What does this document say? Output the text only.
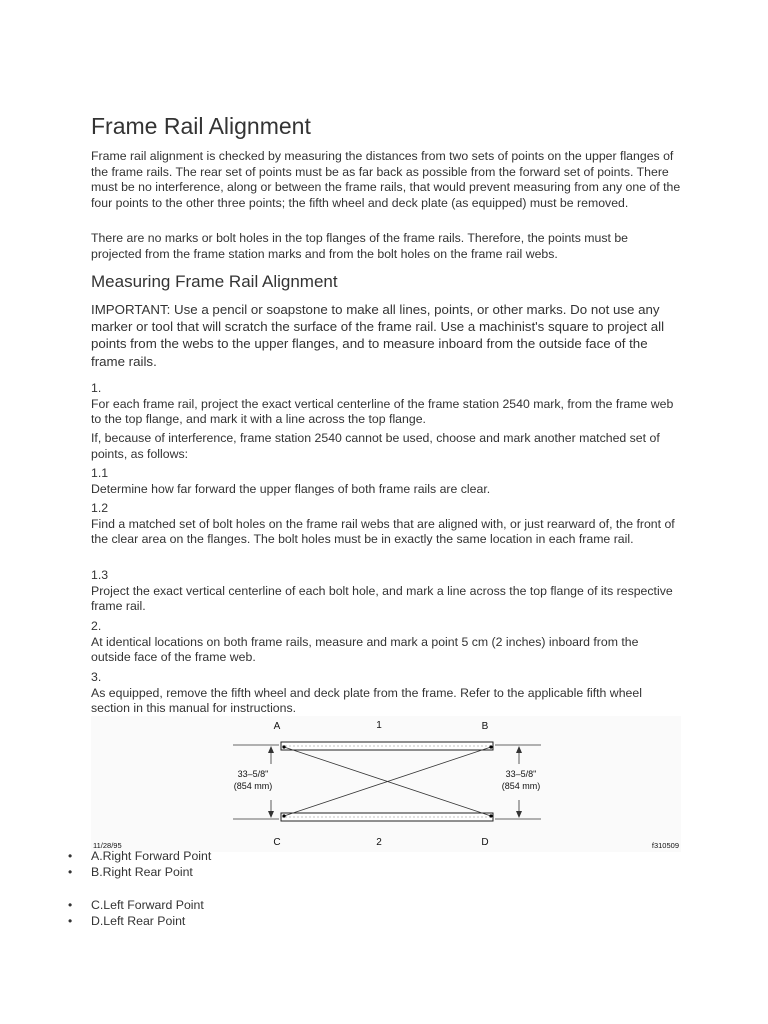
Frame Rail Alignment

Frame rail alignment is checked by measuring the distances from two sets of points on the upper flanges of the frame rails. The rear set of points must be as far back as possible from the forward set of points. There must be no interference, along or between the frame rails, that would prevent measuring from any one of the four points to the other three points; the fifth wheel and deck plate (as equipped) must be removed.

There are no marks or bolt holes in the top flanges of the frame rails. Therefore, the points must be projected from the frame station marks and from the bolt holes on the frame rail webs.

Measuring Frame Rail Alignment

IMPORTANT: Use a pencil or soapstone to make all lines, points, or other marks. Do not use any marker or tool that will scratch the surface of the frame rail. Use a machinist's square to project all points from the webs to the upper flanges, and to measure inboard from the outside face of the frame rails.

1.
For each frame rail, project the exact vertical centerline of the frame station 2540 mark, from the frame web to the top flange, and mark it with a line across the top flange.
If, because of interference, frame station 2540 cannot be used, choose and mark another matched set of points, as follows:
1.1
Determine how far forward the upper flanges of both frame rails are clear.
1.2
Find a matched set of bolt holes on the frame rail webs that are aligned with, or just rearward of, the front of the clear area on the flanges. The bolt holes must be in exactly the same location in each frame rail.
1.3
Project the exact vertical centerline of each bolt hole, and mark a line across the top flange of its respective frame rail.
2.
At identical locations on both frame rails, measure and mark a point 5 cm (2 inches) inboard from the outside face of the frame web.
3.
As equipped, remove the fifth wheel and deck plate from the frame. Refer to the applicable fifth wheel section in this manual for instructions.
A	1	B
C	2	D
33–5/8"
(854 mm)
33–5/8"
(854 mm)
11/28/95	f310509
• A.Right Forward Point
• B.Right Rear Point
• C.Left Forward Point
• D.Left Rear Point
